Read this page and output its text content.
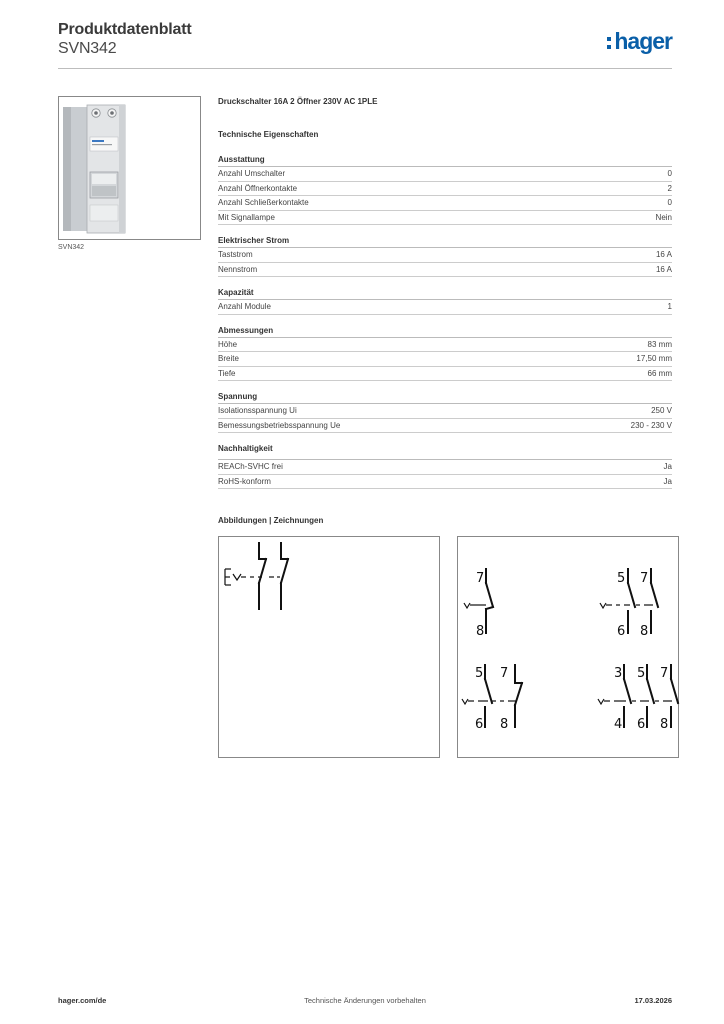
Produktdatenblatt
SVN342	hager
SVN342
Druckschalter 16A 2 Öffner 230V AC 1PLE
Technische Eigenschaften
Ausstattung
Anzahl Umschalter	0
Anzahl Öffnerkontakte	2
Anzahl Schließerkontakte	0
Mit Signallampe	Nein
Elektrischer Strom
Taststrom	16 A
Nennstrom	16 A
Kapazität
Anzahl Module	1
Abmessungen
Höhe	83 mm
Breite	17,50 mm
Tiefe	66 mm
Spannung
Isolationsspannung Ui	250 V
Bemessungsbetriebsspannung Ue	230 - 230 V
Nachhaltigkeit
REACh-SVHC frei	Ja
RoHS-konform	Ja
Abbildungen | Zeichnungen
7
8
5 7
6 8
5 7
6 8
3 5 7
4 6 8
hager.com/de	Technische Änderungen vorbehalten	17.03.2026
